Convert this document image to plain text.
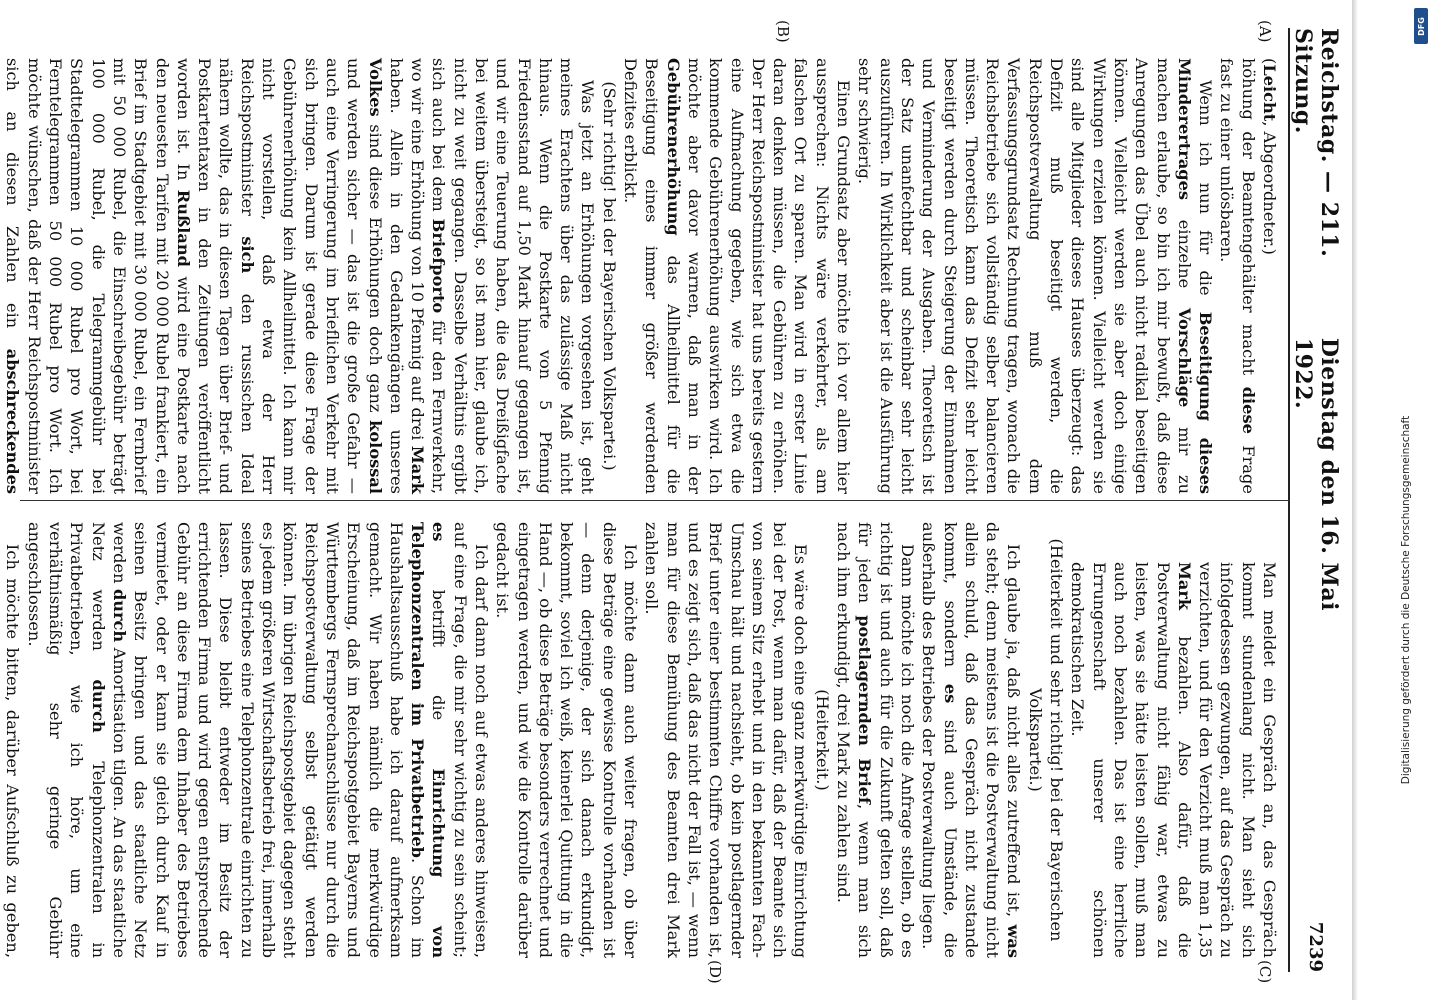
Reichstag. — 211. Sitzung.
Dienstag den 16. Mai 1922.
7239
(A)
(B)
(C)
(D)

(Leicht, Abgeordneter.)

höhung der Beamtengehälter macht diese Frage fast zu einer unlösbaren.

Wenn ich nun für die Beseitigung dieses Minderertrages einzelne Vorschläge mir zu machen erlaube, so bin ich mir bewußt, daß diese Anregungen das Übel auch nicht radikal beseitigen können. Vielleicht werden sie aber doch einige Wirkungen erzielen können. Vielleicht werden sie sind alle Mitglieder dieses Hauses überzeugt: das Defizit muß beseitigt werden, die Reichspostverwaltung muß dem Verfassungsgrundsatz Rechnung tragen, wonach die Reichsbetriebe sich vollständig selber balancieren müssen. Theoretisch kann das Defizit sehr leicht beseitigt werden durch Steigerung der Einnahmen und Verminderung der Ausgaben. Theoretisch ist der Satz unanfechtbar und scheinbar sehr leicht auszuführen. In Wirklichkeit aber ist die Ausführung sehr schwierig.

Einen Grundsatz aber möchte ich vor allem hier aussprechen: Nichts wäre verkehrter, als am falschen Ort zu sparen. Man wird in erster Linie daran denken müssen, die Gebühren zu erhöhen. Der Herr Reichspostminister hat uns bereits gestern eine Aufmachung gegeben, wie sich etwa die kommende Gebührenerhöhung auswirken wird. Ich möchte aber davor warnen, daß man in der Gebührenerhöhung das Allheilmittel für die Beseitigung eines immer größer werdenden Defizites erblickt.

(Sehr richtig! bei der Bayerischen Volkspartei.)

Was jetzt an Erhöhungen vorgesehen ist, geht meines Erachtens über das zulässige Maß nicht hinaus. Wenn die Postkarte von 5 Pfennig Friedensstand auf 1,50 Mark hinauf gegangen ist, und wir eine Teuerung haben, die das Dreißigfache bei weitem übersteigt, so ist man hier, glaube ich, nicht zu weit gegangen. Dasselbe Verhältnis ergibt sich auch bei dem Briefporto für den Fernverkehr, wo wir eine Erhöhung von 10 Pfennig auf drei Mark haben. Allein in den Gedankengängen unseres Volkes sind diese Erhöhungen doch ganz kolossal und werden sicher — das ist die große Gefahr — auch eine Verringerung im brieflichen Verkehr mit sich bringen. Darum ist gerade diese Frage der Gebührenerhöhung kein Allheilmittel. Ich kann mir nicht vorstellen, daß etwa der Herr Reichspostminister sich den russischen Ideal nähern wollte, das in diesen Tagen über Brief- und Postkartentaxen in den Zeitungen veröffentlicht worden ist. In Rußland wird eine Postkarte nach den neuesten Tarifen mit 20 000 Rubel frankiert, ein Brief im Stadtgebiet mit 30 000 Rubel, ein Fernbrief mit 50 000 Rubel, die Einschreibegebühr beträgt 100 000 Rubel, die Telegrammgebühr bei Stadttelegrammen 10 000 Rubel pro Wort, bei Ferntelegrammen 50 000 Rubel pro Wort. Ich möchte wünschen, daß der Herr Reichspostminister sich an diesen Zahlen ein abschreckendes

Man meldet ein Gespräch an, das Gespräch kommt stundenlang nicht. Man sieht sich infolgedessen gezwungen, auf das Gespräch zu verzichten, und für den Verzicht muß man 1,35 Mark bezahlen. Also dafür, daß die Postverwaltung nicht fähig war, etwas zu leisten, was sie hätte leisten sollen, muß man auch noch bezahlen. Das ist eine herrliche Errungenschaft unserer schönen demokratischen Zeit.

(Heiterkeit und sehr richtig! bei der Bayerischen Volkspartei.)

Ich glaube ja, daß nicht alles zutreffend ist, was da steht; denn meistens ist die Postverwaltung nicht allein schuld, daß das Gespräch nicht zustande kommt, sondern es sind auch Umstände, die außerhalb des Betriebes der Postverwaltung liegen.

Dann möchte ich noch die Anfrage stellen, ob es richtig ist und auch für die Zukunft gelten soll, daß für jeden postlagernden Brief, wenn man sich nach ihm erkundigt, drei Mark zu zahlen sind.

(Heiterkeit.)

Es wäre doch eine ganz merkwürdige Einrichtung bei der Post, wenn man dafür, daß der Beamte sich von seinem Sitz erhebt und in den bekannten Fach-Umschau hält und nachsieht, ob kein postlagernder Brief unter einer bestimmten Chiffre vorhanden ist, und es zeigt sich, daß das nicht der Fall ist, — wenn man für diese Bemühung des Beamten drei Mark zahlen soll.

Ich möchte dann auch weiter fragen, ob über diese Beträge eine gewisse Kontrolle vorhanden ist — denn derjenige, der sich danach erkundigt, bekommt, soviel ich weiß, keinerlei Quittung in die Hand —, ob diese Beträge besonders verrechnet und eingetragen werden, und wie die Kontrolle darüber gedacht ist.

Ich darf dann noch auf etwas anderes hinweisen, auf eine Frage, die mir sehr wichtig zu sein scheint; es betrifft die Einrichtung von Telephonzentralen im Privatbetrieb. Schon im Haushaltsausschuß habe ich darauf aufmerksam gemacht. Wir haben nämlich die merkwürdige Erscheinung, daß im Reichspostgebiet Bayerns und Württembergs Fernsprechanschlüsse nur durch die Reichspostverwaltung selbst getätigt werden können. Im übrigen Reichspostgebiet dagegen steht es jedem größeren Wirtschaftsbetrieb frei, innerhalb seines Betriebes eine Telephonzentrale einrichten zu lassen. Diese bleibt entweder im Besitz der errichtenden Firma und wird gegen entsprechende Gebühr an diese Firma dem Inhaber des Betriebes vermietet, oder er kann sie gleich durch Kauf in seinen Besitz bringen und das staatliche Netz werden durch Amortisation tilgen. An das staatliche Netz werden durch Telephonzentralen in Privatbetrieben, wie ich höre, um eine verhältnismäßig sehr geringe Gebühr angeschlossen.

Ich möchte bitten, darüber Aufschluß zu geben,

Digitalisierung gefördert durch die Deutsche Forschungsgemeinschaft
DFG
